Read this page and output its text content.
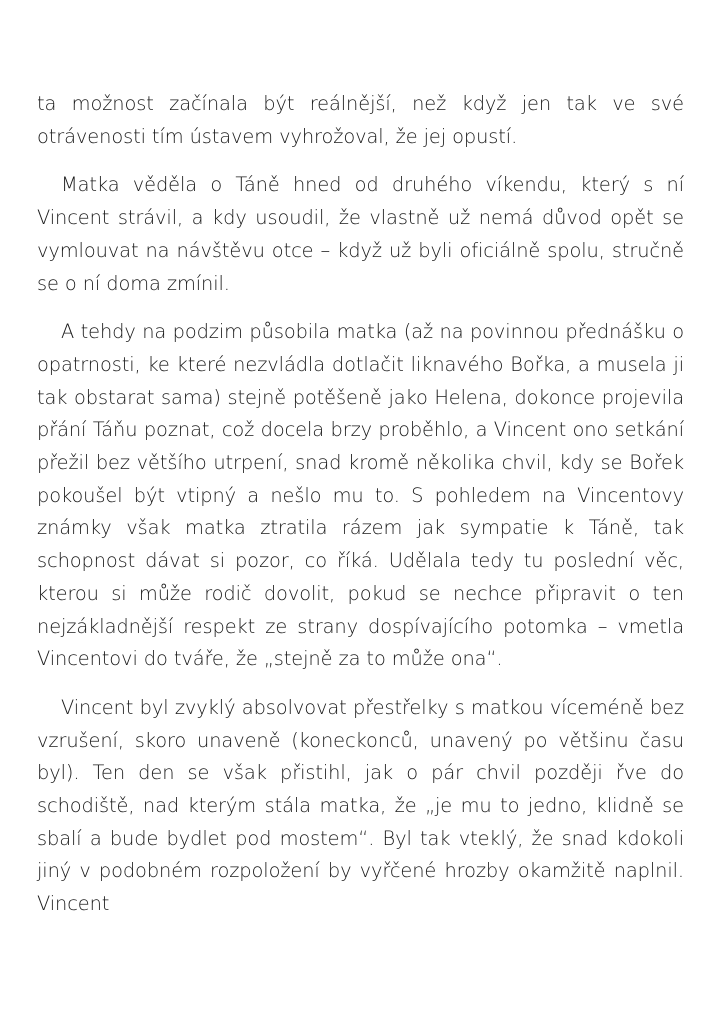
ta možnost začínala být reálnější, než když jen tak ve své otrávenosti tím ústavem vyhrožoval, že jej opustí.

Matka věděla o Táně hned od druhého víkendu, který s ní Vincent strávil, a kdy usoudil, že vlastně už nemá důvod opět se vymlouvat na návštěvu otce – když už byli oficiálně spolu, stručně se o ní doma zmínil.

A tehdy na podzim působila matka (až na povinnou přednášku o opatrnosti, ke které nezvládla dotlačit liknavého Bořka, a musela ji tak obstarat sama) stejně potěšeně jako Helena, dokonce projevila přání Táňu poznat, což docela brzy proběhlo, a Vincent ono setkání přežil bez většího utrpení, snad kromě několika chvil, kdy se Bořek pokoušel být vtipný a nešlo mu to. S pohledem na Vincentovy známky však matka ztratila rázem jak sympatie k Táně, tak schopnost dávat si pozor, co říká. Udělala tedy tu poslední věc, kterou si může rodič dovolit, pokud se nechce připravit o ten nejzákladnější respekt ze strany dospívajícího potomka – vmetla Vincentovi do tváře, že „stejně za to může ona“.

Vincent byl zvyklý absolvovat přestřelky s matkou víceméně bez vzrušení, skoro unaveně (koneckonců, unavený po většinu času byl). Ten den se však přistihl, jak o pár chvil později řve do schodiště, nad kterým stála matka, že „je mu to jedno, klidně se sbalí a bude bydlet pod mostem“. Byl tak vteklý, že snad kdokoli jiný v podobném rozpoložení by vyřčené hrozby okamžitě naplnil. Vincent
